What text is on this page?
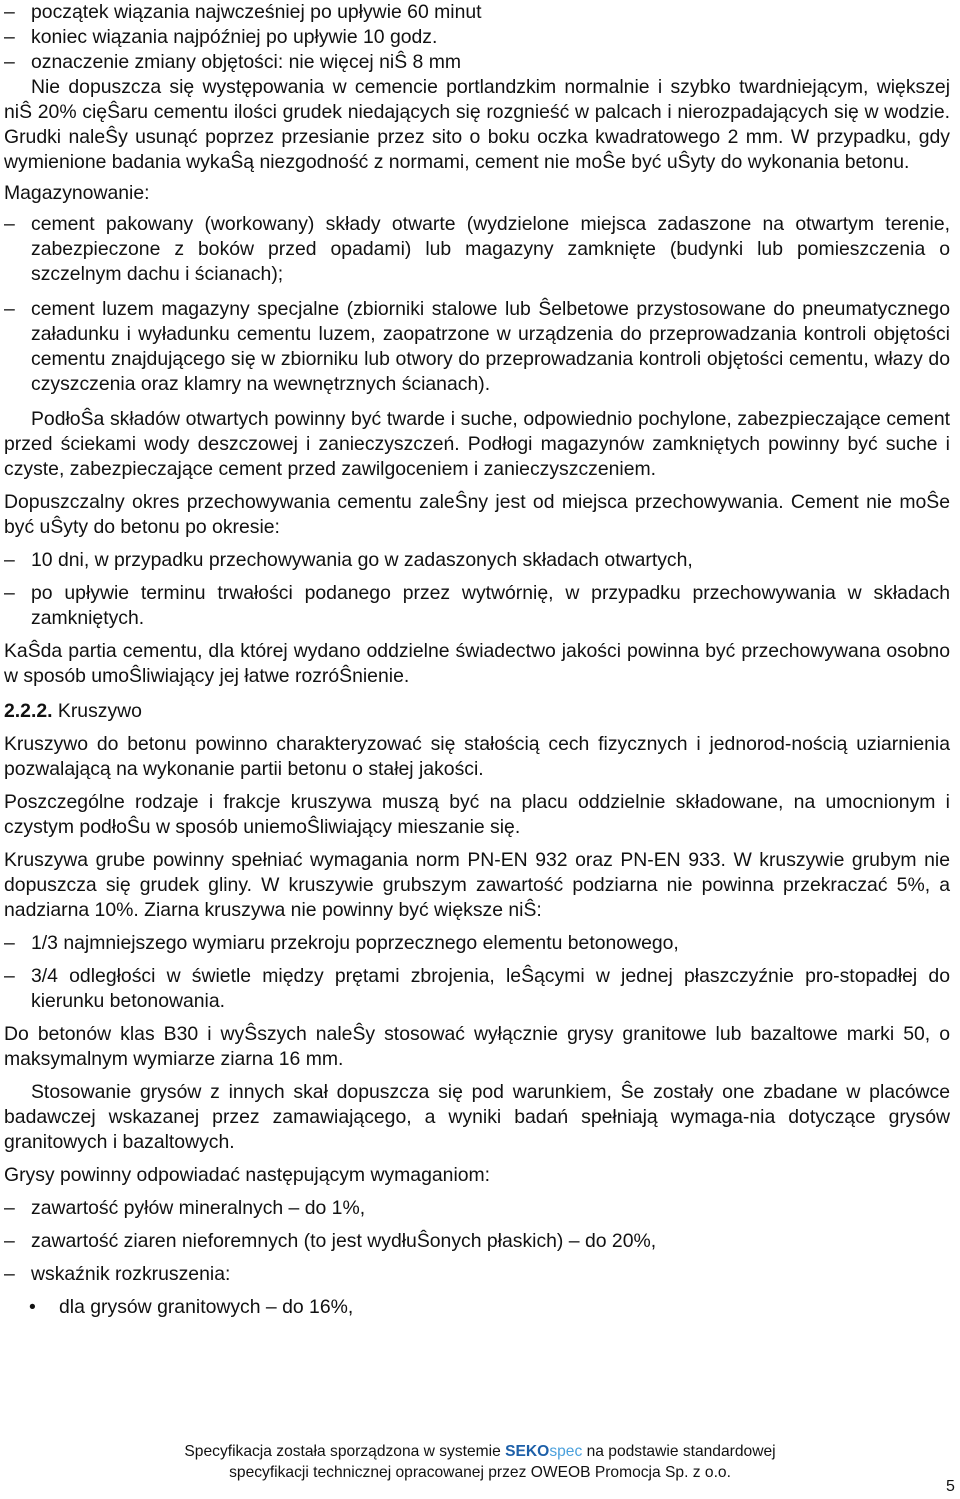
– początek wiązania najwcześniej po upływie 60 minut

– koniec wiązania najpóźniej po upływie 10 godz.

– oznaczenie zmiany objętości: nie więcej niŜ 8 mm

Nie dopuszcza się występowania w cemencie portlandzkim normalnie i szybko twardniejącym, większej niŜ 20% cięŜaru cementu ilości grudek niedających się rozgnieść w palcach i nierozpadających się w wodzie. Grudki naleŜy usunąć poprzez przesianie przez sito o boku oczka kwadratowego 2 mm. W przypadku, gdy wymienione badania wykaŜą niezgodność z normami, cement nie moŜe być uŜyty do wykonania betonu.

Magazynowanie:

– cement pakowany (workowany) składy otwarte (wydzielone miejsca zadaszone na otwartym terenie, zabezpieczone z boków przed opadami) lub magazyny zamknięte (budynki lub pomieszczenia o szczelnym dachu i ścianach);

– cement luzem magazyny specjalne (zbiorniki stalowe lub Ŝelbetowe przystosowane do pneumatycznego załadunku i wyładunku cementu luzem, zaopatrzone w urządzenia do przeprowadzania kontroli objętości cementu znajdującego się w zbiorniku lub otwory do przeprowadzania kontroli objętości cementu, włazy do czyszczenia oraz klamry na wewnętrznych ścianach).

PodłoŜa składów otwartych powinny być twarde i suche, odpowiednio pochylone, zabezpieczające cement przed ściekami wody deszczowej i zanieczyszczeń. Podłogi magazynów zamkniętych powinny być suche i czyste, zabezpieczające cement przed zawilgoceniem i zanieczyszczeniem.

Dopuszczalny okres przechowywania cementu zaleŜny jest od miejsca przechowywania. Cement nie moŜe być uŜyty do betonu po okresie:

– 10 dni, w przypadku przechowywania go w zadaszonych składach otwartych,

– po upływie terminu trwałości podanego przez wytwórnię, w przypadku przechowywania w składach zamkniętych.

KaŜda partia cementu, dla której wydano oddzielne świadectwo jakości powinna być przechowywana osobno w sposób umoŜliwiający jej łatwe rozróŜnienie.

2.2.2. Kruszywo

Kruszywo do betonu powinno charakteryzować się stałością cech fizycznych i jednorod-nością uziarnienia pozwalającą na wykonanie partii betonu o stałej jakości.

Poszczególne rodzaje i frakcje kruszywa muszą być na placu oddzielnie składowane, na umocnionym i czystym podłoŜu w sposób uniemoŜliwiający mieszanie się.

Kruszywa grube powinny spełniać wymagania norm PN-EN 932 oraz PN-EN 933. W kruszywie grubym nie dopuszcza się grudek gliny. W kruszywie grubszym zawartość podziarna nie powinna przekraczać 5%, a nadziarna 10%. Ziarna kruszywa nie powinny być większe niŜ:

– 1/3 najmniejszego wymiaru przekroju poprzecznego elementu betonowego,

– 3/4 odległości w świetle między prętami zbrojenia, leŜącymi w jednej płaszczyźnie pro-stopadłej do kierunku betonowania.

Do betonów klas B30 i wyŜszych naleŜy stosować wyłącznie grysy granitowe lub bazaltowe marki 50, o maksymalnym wymiarze ziarna 16 mm.

Stosowanie grysów z innych skał dopuszcza się pod warunkiem, Ŝe zostały one zbadane w placówce badawczej wskazanej przez zamawiającego, a wyniki badań spełniają wymaga-nia dotyczące grysów granitowych i bazaltowych.

Grysy powinny odpowiadać następującym wymaganiom:

– zawartość pyłów mineralnych – do 1%,

– zawartość ziaren nieforemnych (to jest wydłuŜonych płaskich) – do 20%,

– wskaźnik rozkruszenia:

• dla grysów granitowych – do 16%,

Specyfikacja została sporządzona w systemie SEKOspec na podstawie standardowej
specyfikacji technicznej opracowanej przez OWEOB Promocja Sp. z o.o.
5
